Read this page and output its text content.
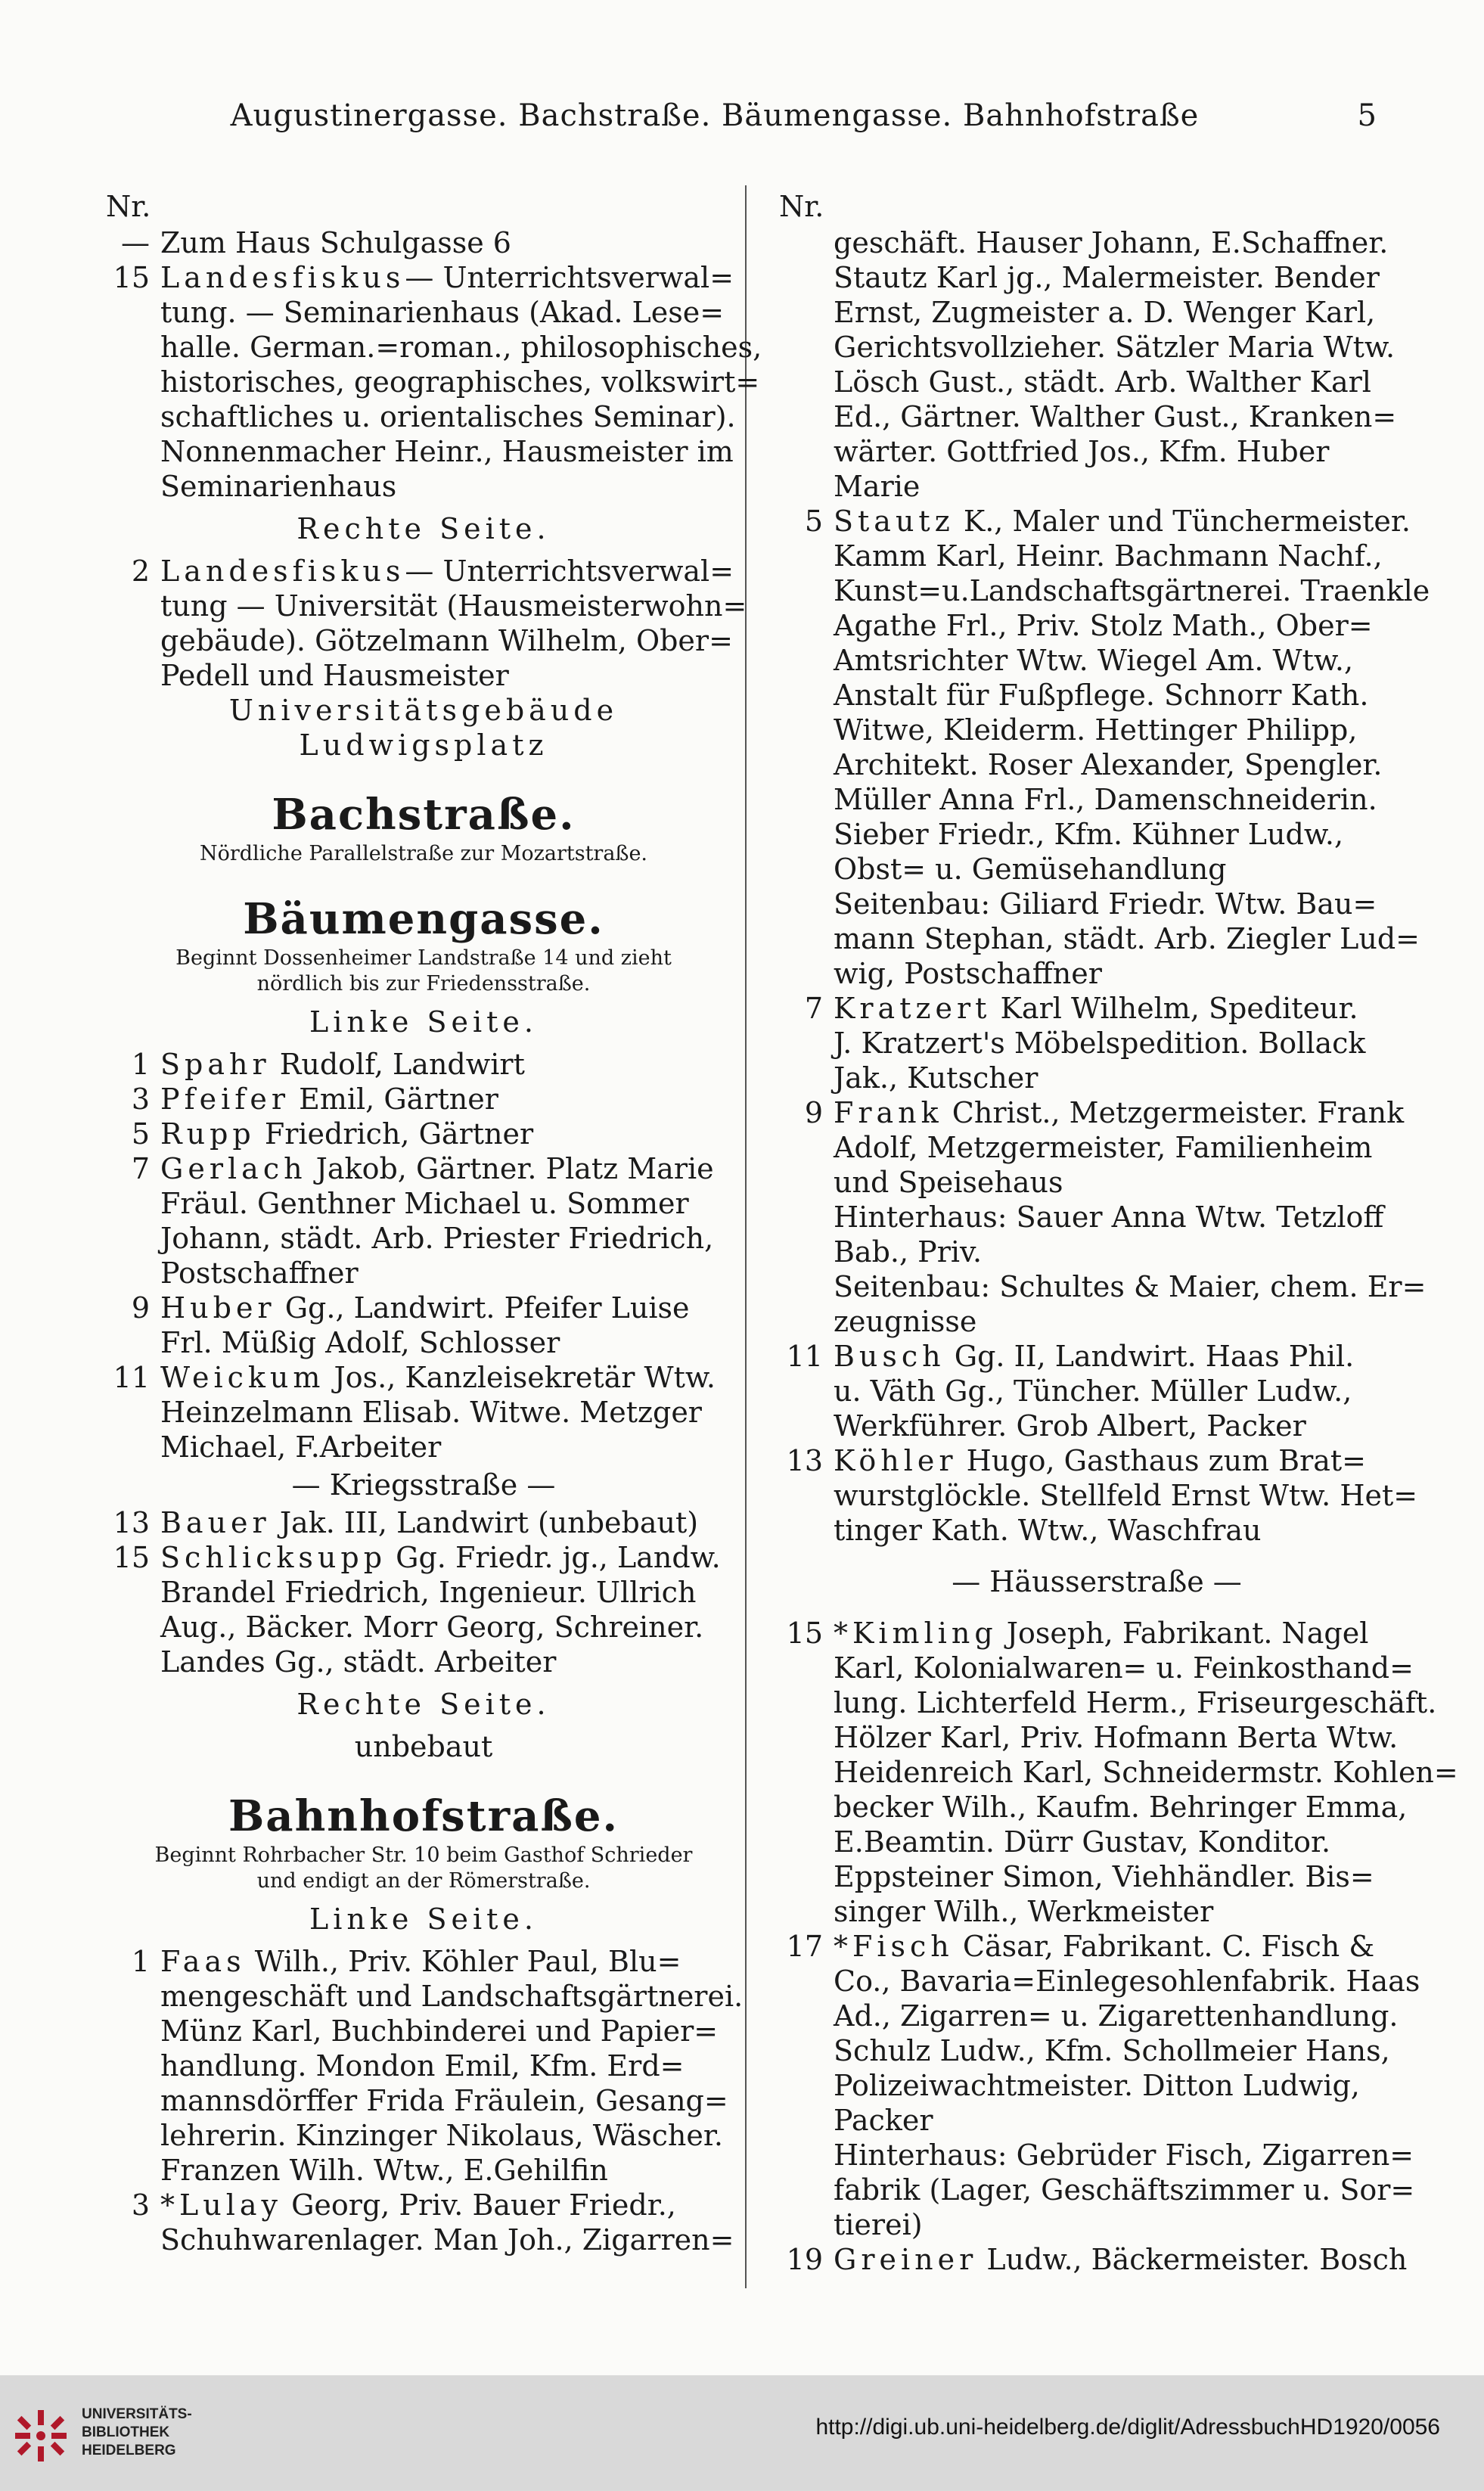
Augustinergasse. Bachstraße. Bäumengasse. Bahnhofstraße	5
Nr.
— Zum Haus Schulgasse 6
15 Landesfiskus— Unterrichtsverwal=
tung. — Seminarienhaus (Akad. Lese=
halle. German.=roman., philosophisches,
historisches, geographisches, volkswirt=
schaftliches u. orientalisches Seminar).
Nonnenmacher Heinr., Hausmeister im
Seminarienhaus
Rechte Seite.
2 Landesfiskus— Unterrichtsverwal=
tung — Universität (Hausmeisterwohn=
gebäude). Götzelmann Wilhelm, Ober=
Pedell und Hausmeister
Universitätsgebäude
Ludwigsplatz
Bachstraße.
Nördliche Parallelstraße zur Mozartstraße.
Bäumengasse.
Beginnt Dossenheimer Landstraße 14 und zieht
nördlich bis zur Friedensstraße.
Linke Seite.
1 Spahr Rudolf, Landwirt
3 Pfeifer Emil, Gärtner
5 Rupp Friedrich, Gärtner
7 Gerlach Jakob, Gärtner. Platz Marie
Fräul. Genthner Michael u. Sommer
Johann, städt. Arb. Priester Friedrich,
Postschaffner
9 Huber Gg., Landwirt. Pfeifer Luise
Frl. Müßig Adolf, Schlosser
11 Weickum Jos., Kanzleisekretär Wtw.
Heinzelmann Elisab. Witwe. Metzger
Michael, F.Arbeiter
— Kriegsstraße —
13 Bauer Jak. III, Landwirt (unbebaut)
15 Schlicksupp Gg. Friedr. jg., Landw.
Brandel Friedrich, Ingenieur. Ullrich
Aug., Bäcker. Morr Georg, Schreiner.
Landes Gg., städt. Arbeiter
Rechte Seite.
unbebaut
Bahnhofstraße.
Beginnt Rohrbacher Str. 10 beim Gasthof Schrieder
und endigt an der Römerstraße.
Linke Seite.
1 Faas Wilh., Priv. Köhler Paul, Blu=
mengeschäft und Landschaftsgärtnerei.
Münz Karl, Buchbinderei und Papier=
handlung. Mondon Emil, Kfm. Erd=
mannsdörffer Frida Fräulein, Gesang=
lehrerin. Kinzinger Nikolaus, Wäscher.
Franzen Wilh. Wtw., E.Gehilfin
3 *Lulay Georg, Priv. Bauer Friedr.,
Schuhwarenlager. Man Joh., Zigarren=
Nr.
geschäft. Hauser Johann, E.Schaffner.
Stautz Karl jg., Malermeister. Bender
Ernst, Zugmeister a. D. Wenger Karl,
Gerichtsvollzieher. Sätzler Maria Wtw.
Lösch Gust., städt. Arb. Walther Karl
Ed., Gärtner. Walther Gust., Kranken=
wärter. Gottfried Jos., Kfm. Huber
Marie
5 Stautz K., Maler und Tünchermeister.
Kamm Karl, Heinr. Bachmann Nachf.,
Kunst=u.Landschaftsgärtnerei. Traenkle
Agathe Frl., Priv. Stolz Math., Ober=
Amtsrichter Wtw. Wiegel Am. Wtw.,
Anstalt für Fußpflege. Schnorr Kath.
Witwe, Kleiderm. Hettinger Philipp,
Architekt. Roser Alexander, Spengler.
Müller Anna Frl., Damenschneiderin.
Sieber Friedr., Kfm. Kühner Ludw.,
Obst= u. Gemüsehandlung
Seitenbau: Giliard Friedr. Wtw. Bau=
mann Stephan, städt. Arb. Ziegler Lud=
wig, Postschaffner
7 Kratzert Karl Wilhelm, Spediteur.
J. Kratzert's Möbelspedition. Bollack
Jak., Kutscher
9 Frank Christ., Metzgermeister. Frank
Adolf, Metzgermeister, Familienheim
und Speisehaus
Hinterhaus: Sauer Anna Wtw. Tetzloff
Bab., Priv.
Seitenbau: Schultes & Maier, chem. Er=
zeugnisse
11 Busch Gg. II, Landwirt. Haas Phil.
u. Väth Gg., Tüncher. Müller Ludw.,
Werkführer. Grob Albert, Packer
13 Köhler Hugo, Gasthaus zum Brat=
wurstglöckle. Stellfeld Ernst Wtw. Het=
tinger Kath. Wtw., Waschfrau
— Häusserstraße —
15 *Kimling Joseph, Fabrikant. Nagel
Karl, Kolonialwaren= u. Feinkosthand=
lung. Lichterfeld Herm., Friseurgeschäft.
Hölzer Karl, Priv. Hofmann Berta Wtw.
Heidenreich Karl, Schneidermstr. Kohlen=
becker Wilh., Kaufm. Behringer Emma,
E.Beamtin. Dürr Gustav, Konditor.
Eppsteiner Simon, Viehhändler. Bis=
singer Wilh., Werkmeister
17 *Fisch Cäsar, Fabrikant. C. Fisch &
Co., Bavaria=Einlegesohlenfabrik. Haas
Ad., Zigarren= u. Zigarettenhandlung.
Schulz Ludw., Kfm. Schollmeier Hans,
Polizeiwachtmeister. Ditton Ludwig,
Packer
Hinterhaus: Gebrüder Fisch, Zigarren=
fabrik (Lager, Geschäftszimmer u. Sor=
tierei)
19 Greiner Ludw., Bäckermeister. Bosch
UNIVERSITÄTS-
BIBLIOTHEK
HEIDELBERG
http://digi.ub.uni-heidelberg.de/diglit/AdressbuchHD1920/0056
